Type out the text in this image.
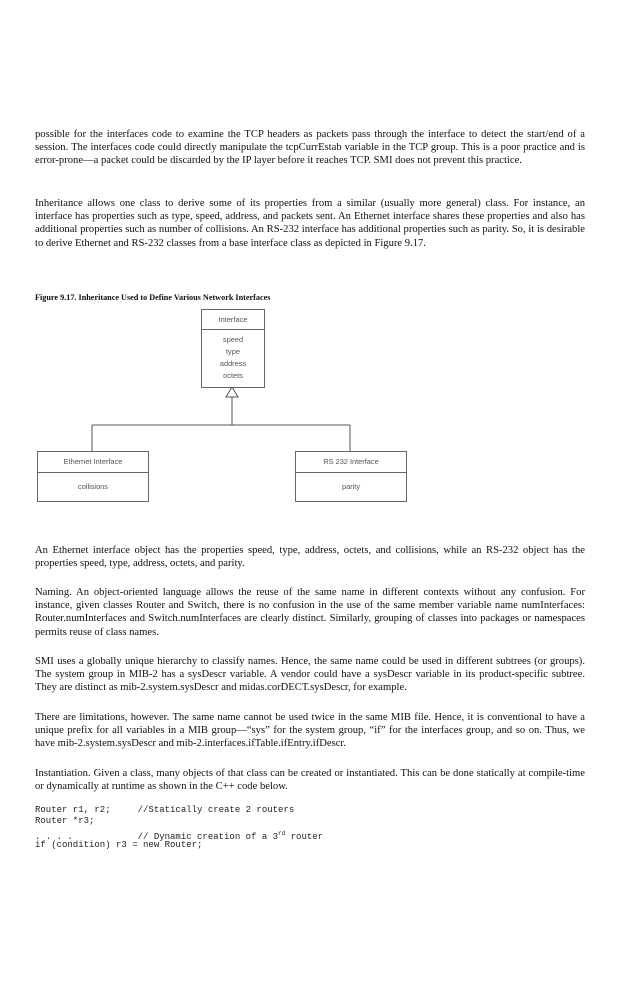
possible for the interfaces code to examine the TCP headers as packets pass through the interface to detect the start/end of a session. The interfaces code could directly manipulate the tcpCurrEstab variable in the TCP group. This is a poor practice and is error-prone—a packet could be discarded by the IP layer before it reaches TCP. SMI does not prevent this practice.

Inheritance allows one class to derive some of its properties from a similar (usually more general) class. For instance, an interface has properties such as type, speed, address, and packets sent. An Ethernet interface shares these properties and also has additional properties such as number of collisions. An RS-232 interface has additional properties such as parity. So, it is desirable to derive Ethernet and RS-232 classes from a base interface class as depicted in Figure 9.17.

Figure 9.17. Inheritance Used to Define Various Network Interfaces
Interface
speed
type
address
octets
Ethernet Interface
collisions
RS 232 Interface
parity

An Ethernet interface object has the properties speed, type, address, octets, and collisions, while an RS-232 object has the properties speed, type, address, octets, and parity.

Naming. An object-oriented language allows the reuse of the same name in different contexts without any confusion. For instance, given classes Router and Switch, there is no confusion in the use of the same member variable name numInterfaces: Router.numInterfaces and Switch.numInterfaces are clearly distinct. Similarly, grouping of classes into packages or namespaces permits reuse of class names.

SMI uses a globally unique hierarchy to classify names. Hence, the same name could be used in different subtrees (or groups). The system group in MIB-2 has a sysDescr variable. A vendor could have a sysDescr variable in its product-specific subtree. They are distinct as mib-2.system.sysDescr and midas.corDECT.sysDescr, for example.

There are limitations, however. The same name cannot be used twice in the same MIB file. Hence, it is conventional to have a unique prefix for all variables in a MIB group—“sys” for the system group, “if” for the interfaces group, and so on. Thus, we have mib-2.system.sysDescr and mib-2.interfaces.ifTable.ifEntry.ifDescr.

Instantiation. Given a class, many objects of that class can be created or instantiated. This can be done statically at compile-time or dynamically at runtime as shown in the C++ code below.

Router r1, r2;     //Statically create 2 routers
Router *r3;
. . . .            // Dynamic creation of a 3rd router
if (condition) r3 = new Router;
